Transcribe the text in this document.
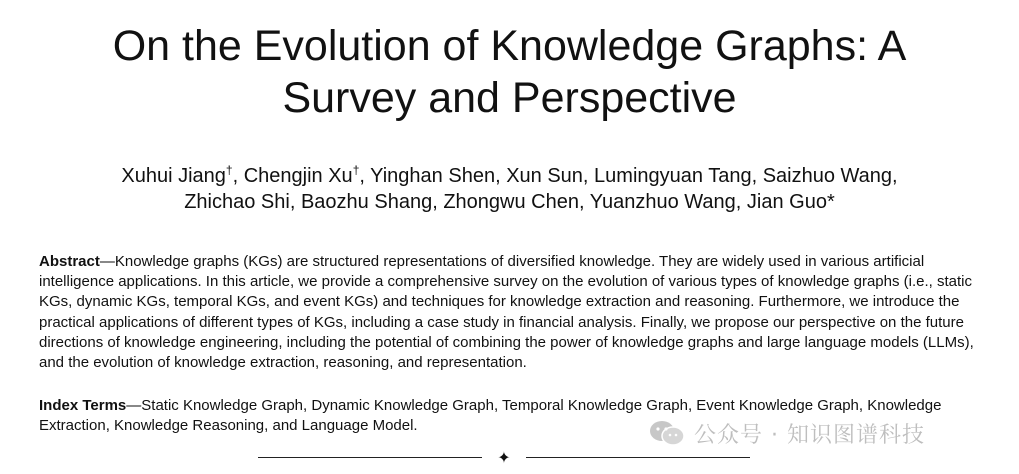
On the Evolution of Knowledge Graphs: A
Survey and Perspective
Xuhui Jiang†, Chengjin Xu†, Yinghan Shen, Xun Sun, Lumingyuan Tang, Saizhuo Wang,
Zhichao Shi, Baozhu Shang, Zhongwu Chen, Yuanzhuo Wang, Jian Guo*

Abstract—Knowledge graphs (KGs) are structured representations of diversified knowledge. They are widely used in various artificial intelligence applications. In this article, we provide a comprehensive survey on the evolution of various types of knowledge graphs (i.e., static KGs, dynamic KGs, temporal KGs, and event KGs) and techniques for knowledge extraction and reasoning. Furthermore, we introduce the practical applications of different types of KGs, including a case study in financial analysis. Finally, we propose our perspective on the future directions of knowledge engineering, including the potential of combining the power of knowledge graphs and large language models (LLMs), and the evolution of knowledge extraction, reasoning, and representation.

Index Terms—Static Knowledge Graph, Dynamic Knowledge Graph, Temporal Knowledge Graph, Event Knowledge Graph, Knowledge Extraction, Knowledge Reasoning, and Language Model.

✦
公众号 · 知识图谱科技
